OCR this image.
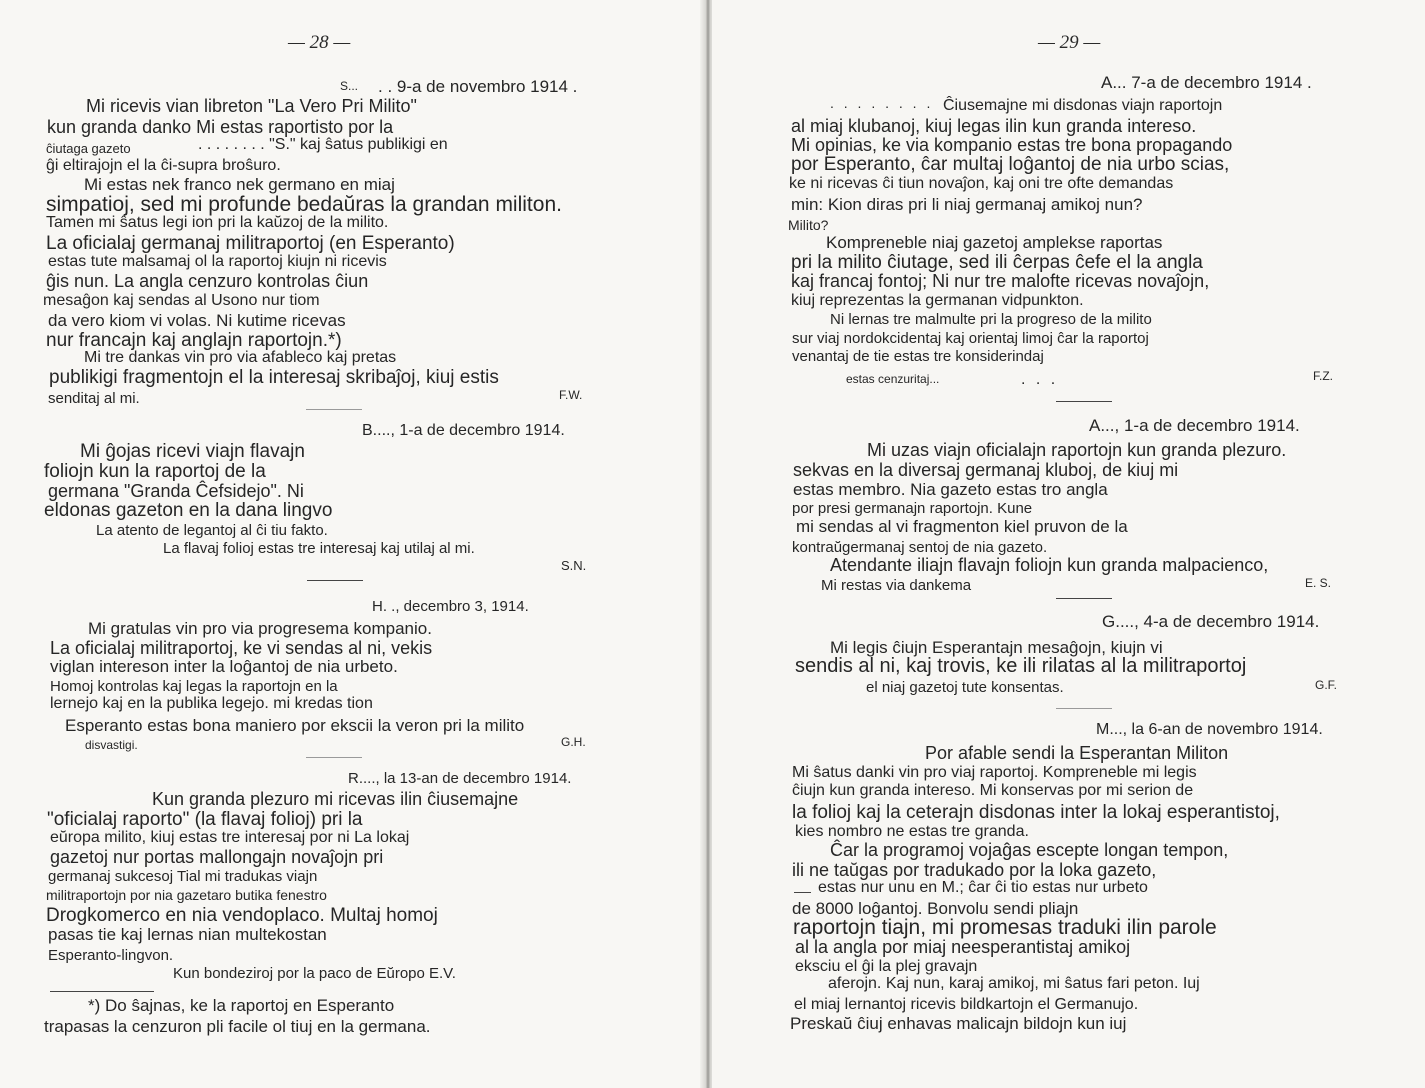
— 28 —
S... . . 9-a de novembro 1914 .
Mi ricevis vian libreton "La Vero Pri Milito"
kun granda danko Mi estas raportisto por la
ĉiutaga gazeto	. . . . . . . . "S." kaj ŝatus publikigi en
ĝi eltirajojn el la ĉi-supra broŝuro.
Mi estas nek franco nek germano en miaj
simpatioj, sed mi profunde bedaŭras la grandan militon.
Tamen mi ŝatus legi ion pri la kaŭzoj de la milito.
La oficialaj germanaj militraportoj (en Esperanto)
estas tute malsamaj ol la raportoj kiujn ni ricevis
ĝis nun. La angla cenzuro kontrolas ĉiun
mesaĝon kaj sendas al Usono nur tiom
da vero kiom vi volas. Ni kutime ricevas
nur francajn kaj anglajn raportojn.*)
Mi tre dankas vin pro via afableco kaj pretas
publikigi fragmentojn el la interesaj skribaĵoj, kiuj estis
senditaj al mi.	F.W.
B...., 1-a de decembro 1914.
Mi ĝojas ricevi viajn flavajn
foliojn kun la raportoj de la
germana "Granda Ĉefsidejo". Ni
eldonas gazeton en la dana lingvo
La atento de legantoj al ĉi tiu fakto.
La flavaj folioj estas tre interesaj kaj utilaj al mi.
S.N.
H. ., decembro 3, 1914.
Mi gratulas vin pro via progresema kompanio.
La oficialaj militraportoj, ke vi sendas al ni, vekis
viglan intereson inter la loĝantoj de nia urbeto.
Homoj kontrolas kaj legas la raportojn en la
lernejo kaj en la publika legejo. mi kredas tion
Esperanto estas bona maniero por ekscii la veron pri la milito
disvastigi.	G.H.
R...., la 13-an de decembro 1914.
Kun granda plezuro mi ricevas ilin ĉiusemajne
"oficialaj raporto" (la flavaj folioj) pri la
eŭropa milito, kiuj estas tre interesaj por ni La lokaj
gazetoj nur portas mallongajn novaĵojn pri
germanaj sukcesoj Tial mi tradukas viajn
militraportojn por nia gazetaro butika fenestro
Drogkomerco en nia vendoplaco. Multaj homoj
pasas tie kaj lernas nian multekostan
Esperanto-lingvon.
Kun bondeziroj por la paco de Eŭropo E.V.
*) Do ŝajnas, ke la raportoj en Esperanto
trapasas la cenzuron pli facile ol tiuj en la germana.
— 29 —
A... 7-a de decembro 1914 .
. . . . . . . . Ĉiusemajne mi disdonas viajn raportojn
al miaj klubanoj, kiuj legas ilin kun granda intereso.
Mi opinias, ke via kompanio estas tre bona propagando
por Esperanto, ĉar multaj loĝantoj de nia urbo scias,
ke ni ricevas ĉi tiun novaĵon, kaj oni tre ofte demandas
min: Kion diras pri li niaj germanaj amikoj nun?
Milito?
Kompreneble niaj gazetoj amplekse raportas
pri la milito ĉiutage, sed ili ĉerpas ĉefe el la angla
kaj francaj fontoj; Ni nur tre malofte ricevas novaĵojn,
kiuj reprezentas la germanan vidpunkton.
Ni lernas tre malmulte pri la progreso de la milito
sur viaj nordokcidentaj kaj orientaj limoj ĉar la raportoj
venantaj de tie estas tre konsiderindaj
estas cenzuritaj...	. . .	F.Z.
A..., 1-a de decembro 1914.
Mi uzas viajn oficialajn raportojn kun granda plezuro.
sekvas en la diversaj germanaj kluboj, de kiuj mi
estas membro. Nia gazeto estas tro angla
por presi germanajn raportojn. Kune
mi sendas al vi fragmenton kiel pruvon de la
kontraŭgermanaj sentoj de nia gazeto.
Atendante iliajn flavajn foliojn kun granda malpacienco,
Mi restas via dankema	E. S.
G...., 4-a de decembro 1914.
Mi legis ĉiujn Esperantajn mesaĝojn, kiujn vi
sendis al ni, kaj trovis, ke ili rilatas al la militraportoj
el niaj gazetoj tute konsentas.	G.F.
M..., la 6-an de novembro 1914.
Por afable sendi la Esperantan Militon
Mi ŝatus danki vin pro viaj raportoj. Kompreneble mi legis
ĉiujn kun granda intereso. Mi konservas por mi serion de
la folioj kaj la ceterajn disdonas inter la lokaj esperantistoj,
kies nombro ne estas tre granda.
Ĉar la programoj vojaĝas escepte longan tempon,
ili ne taŭgas por tradukado por la loka gazeto,
estas nur unu en M.; ĉar ĉi tio estas nur urbeto
de 8000 loĝantoj. Bonvolu sendi pliajn
raportojn tiajn, mi promesas traduki ilin parole
al la angla por miaj neesperantistaj amikoj
eksciu el ĝi la plej gravajn
aferojn. Kaj nun, karaj amikoj, mi ŝatus fari peton. Iuj
el miaj lernantoj ricevis bildkartojn el Germanujo.
Preskaŭ ĉiuj enhavas malicajn bildojn kun iuj
